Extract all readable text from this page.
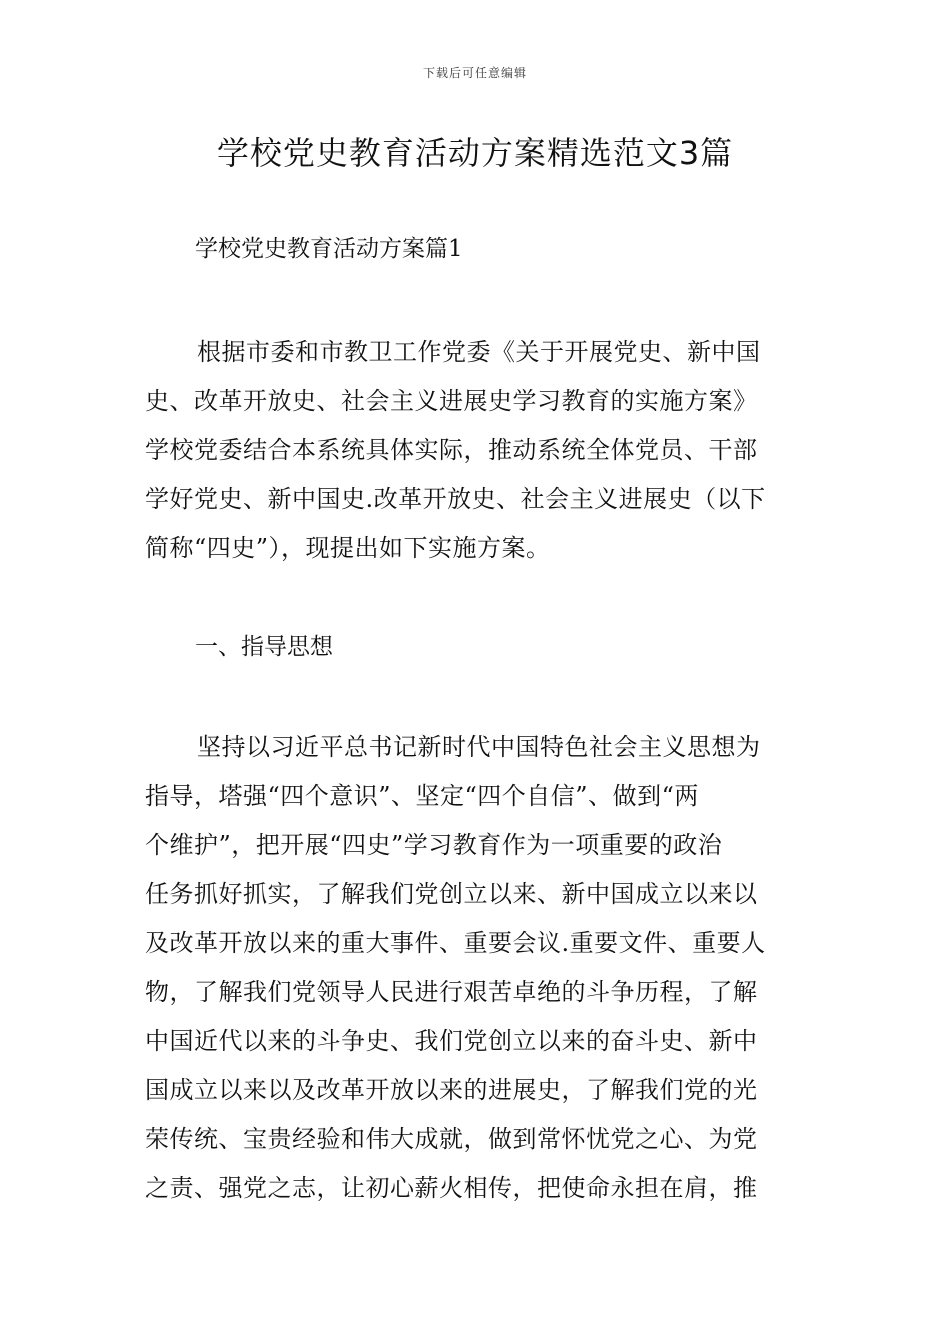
下载后可任意编辑
学校党史教育活动方案精选范文3篇
学校党史教育活动方案篇1
根据市委和市教卫工作党委《关于开展党史、新中国
史、改革开放史、社会主义进展史学习教育的实施方案》
学校党委结合本系统具体实际，推动系统全体党员、干部
学好党史、新中国史.改革开放史、社会主义进展史（以下
简称“四史”），现提出如下实施方案。
一、指导思想
坚持以习近平总书记新时代中国特色社会主义思想为
指导，塔强“四个意识”、坚定“四个自信”、做到“两
个维护”，把开展“四史”学习教育作为一项重要的政治
任务抓好抓实，了解我们党创立以来、新中国成立以来以
及改革开放以来的重大事件、重要会议.重要文件、重要人
物，了解我们党领导人民进行艰苦卓绝的斗争历程，了解
中国近代以来的斗争史、我们党创立以来的奋斗史、新中
国成立以来以及改革开放以来的进展史，了解我们党的光
荣传统、宝贵经验和伟大成就，做到常怀忧党之心、为党
之责、强党之志，让初心薪火相传，把使命永担在肩，推
